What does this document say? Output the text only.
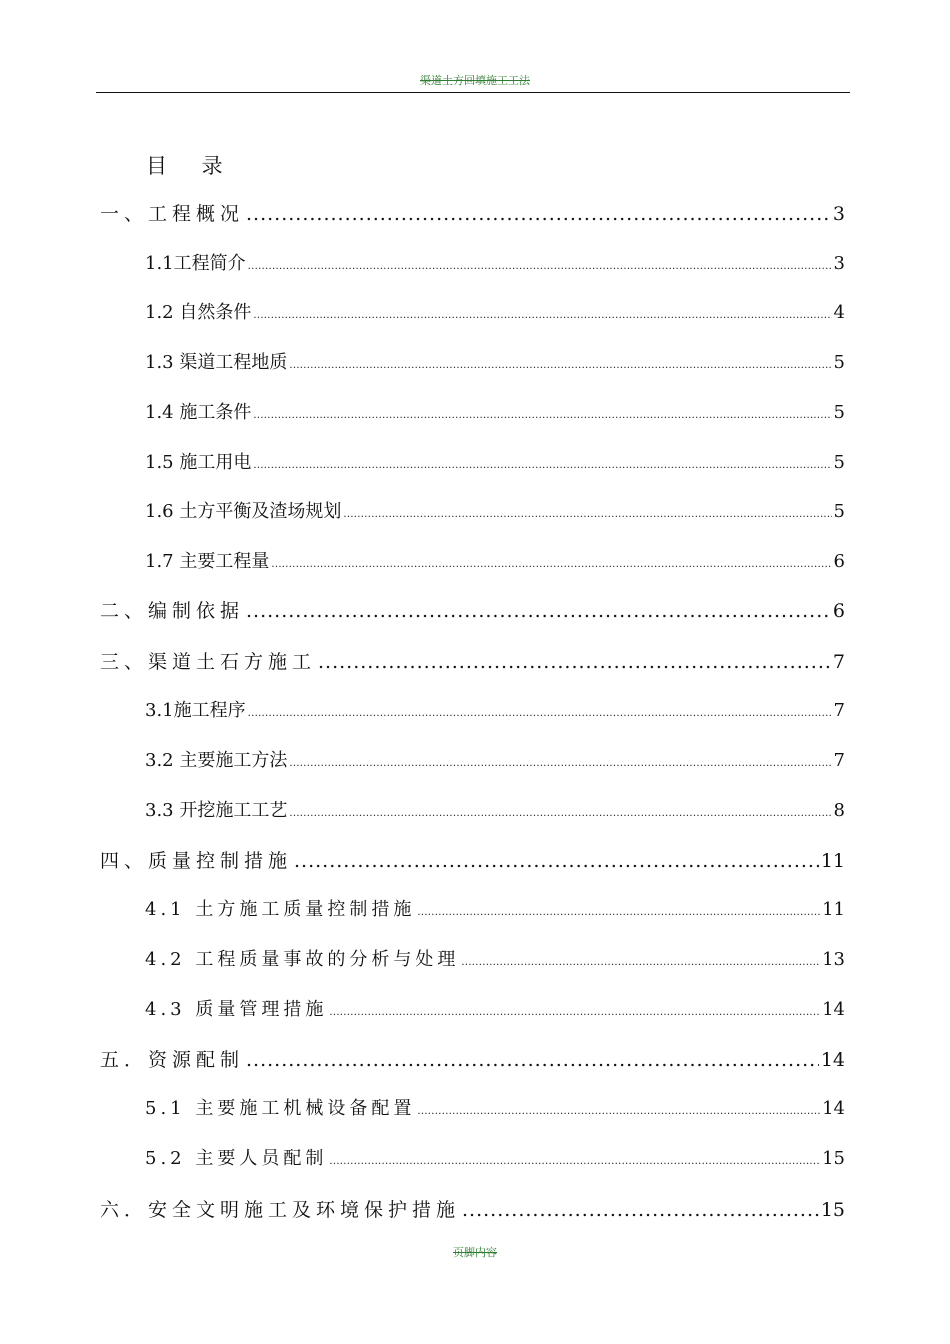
渠道土方回填施工工法
目 录
一、工程概况 .....	3
1.1工程简介 .....	3
1.2 自然条件 .....	4
1.3 渠道工程地质 .....	5
1.4 施工条件 .....	5
1.5 施工用电 .....	5
1.6 土方平衡及渣场规划 .....	5
1.7 主要工程量 .....	6
二、编制依据 .....	6
三、渠道土石方施工 .....	7
3.1施工程序 .....	7
3.2 主要施工方法 .....	7
3.3 开挖施工工艺 .....	8
四、质量控制措施 .....	11
4.1 土方施工质量控制措施 .....	11
4.2 工程质量事故的分析与处理 .....	13
4.3 质量管理措施 .....	14
五．资源配制 .....	14
5.1 主要施工机械设备配置 .....	14
5.2 主要人员配制 .....	15
六．安全文明施工及环境保护措施 .....	15
页脚内容
